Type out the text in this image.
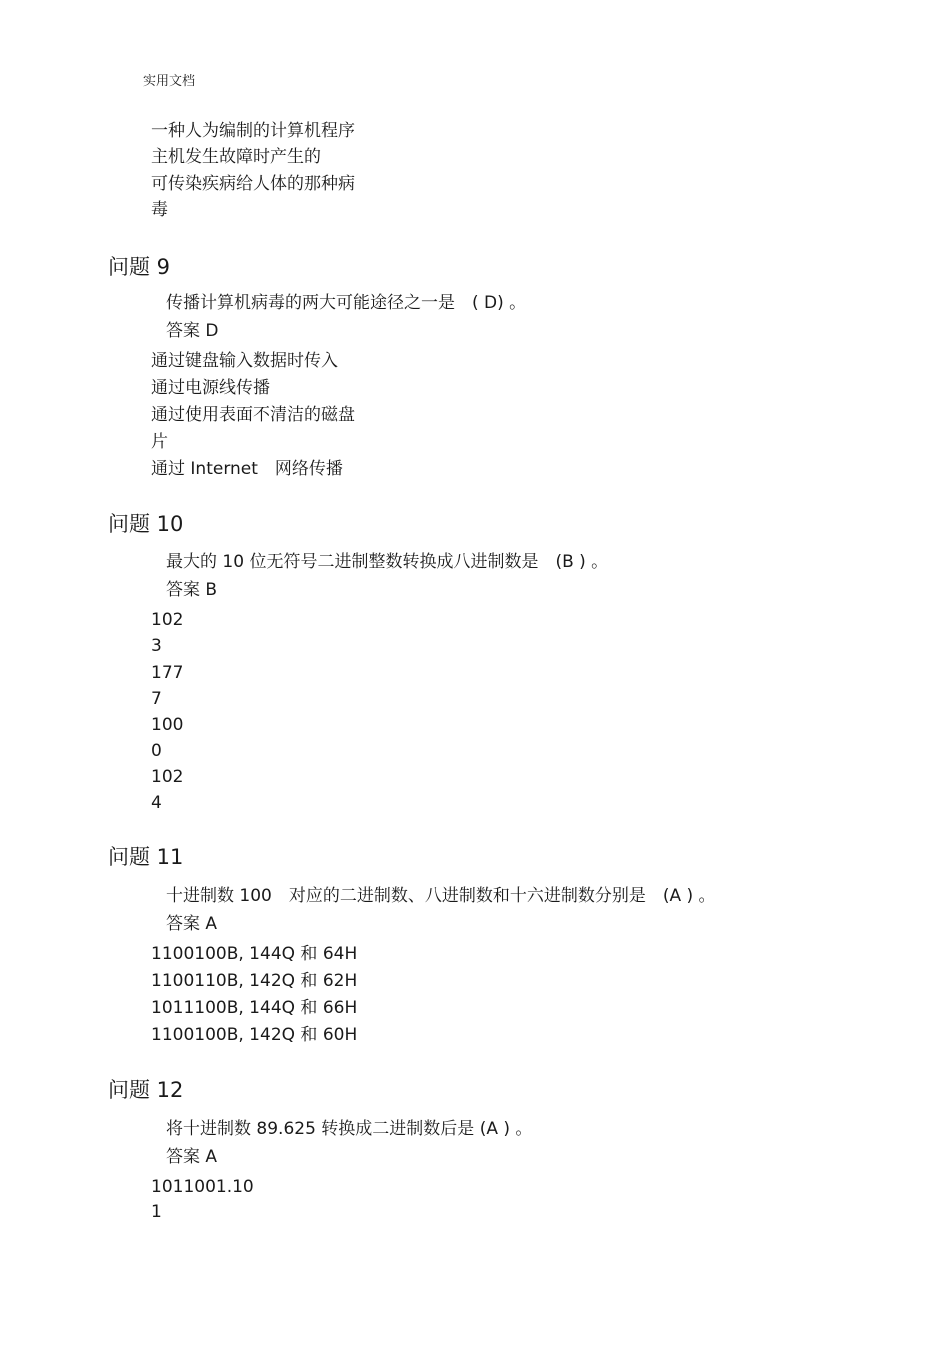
实用文档
一种人为编制的计算机程序
主机发生故障时产生的
可传染疾病给人体的那种病
毒
问题 9
传播计算机病毒的两大可能途径之一是　( D) 。
答案 D
通过键盘输入数据时传入
通过电源线传播
通过使用表面不清洁的磁盘
片
通过 Internet　网络传播
问题 10
最大的 10 位无符号二进制整数转换成八进制数是　(B ) 。
答案 B
102
3
177
7
100
0
102
4
问题 11
十进制数 100　对应的二进制数、八进制数和十六进制数分别是　(A ) 。
答案 A
1100100B, 144Q 和 64H
1100110B, 142Q 和 62H
1011100B, 144Q 和 66H
1100100B, 142Q 和 60H
问题 12
将十进制数 89.625 转换成二进制数后是 (A ) 。
答案 A
1011001.10
1
